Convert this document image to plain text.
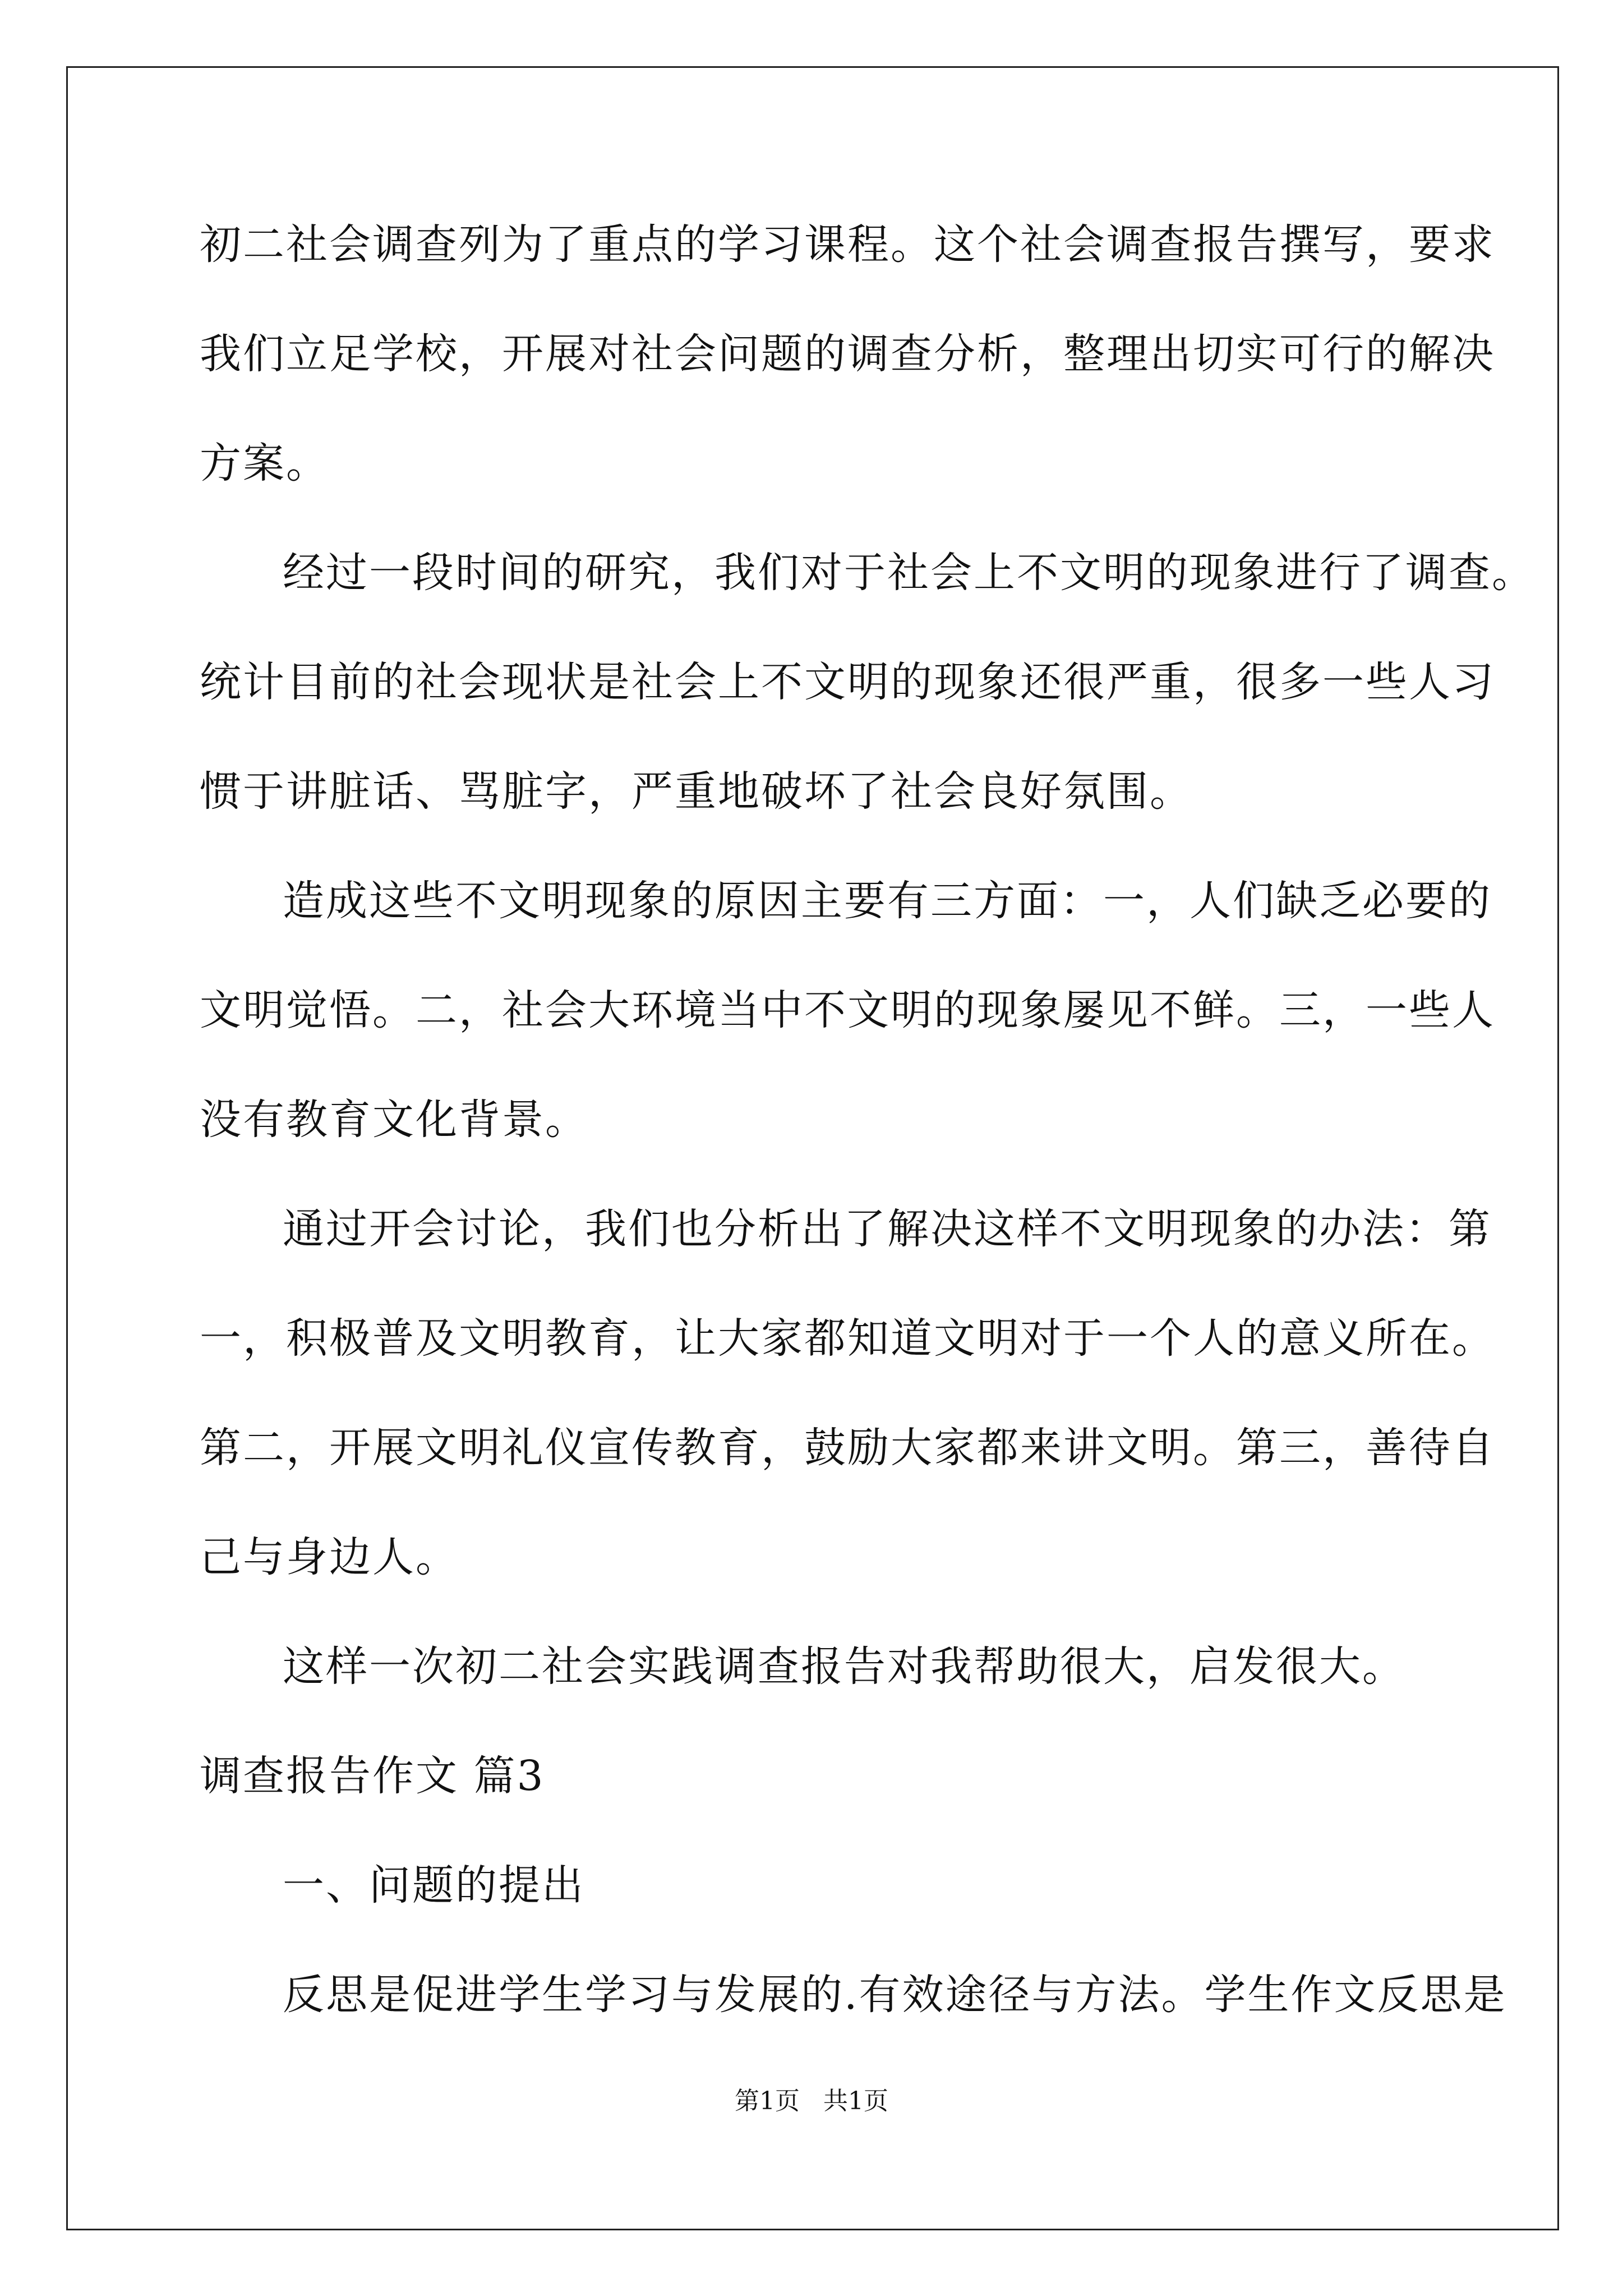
初二社会调查列为了重点的学习课程。这个社会调查报告撰写，要求
我们立足学校，开展对社会问题的调查分析，整理出切实可行的解决
方案。
经过一段时间的研究，我们对于社会上不文明的现象进行了调查。
统计目前的社会现状是社会上不文明的现象还很严重，很多一些人习
惯于讲脏话、骂脏字，严重地破坏了社会良好氛围。
造成这些不文明现象的原因主要有三方面：一，人们缺乏必要的
文明觉悟。二，社会大环境当中不文明的现象屡见不鲜。三，一些人
没有教育文化背景。
通过开会讨论，我们也分析出了解决这样不文明现象的办法：第
一，积极普及文明教育，让大家都知道文明对于一个人的意义所在。
第二，开展文明礼仪宣传教育，鼓励大家都来讲文明。第三，善待自
己与身边人。
这样一次初二社会实践调查报告对我帮助很大，启发很大。
调查报告作文 篇3
一、问题的提出
反思是促进学生学习与发展的.有效途径与方法。学生作文反思是
第1页   共1页
